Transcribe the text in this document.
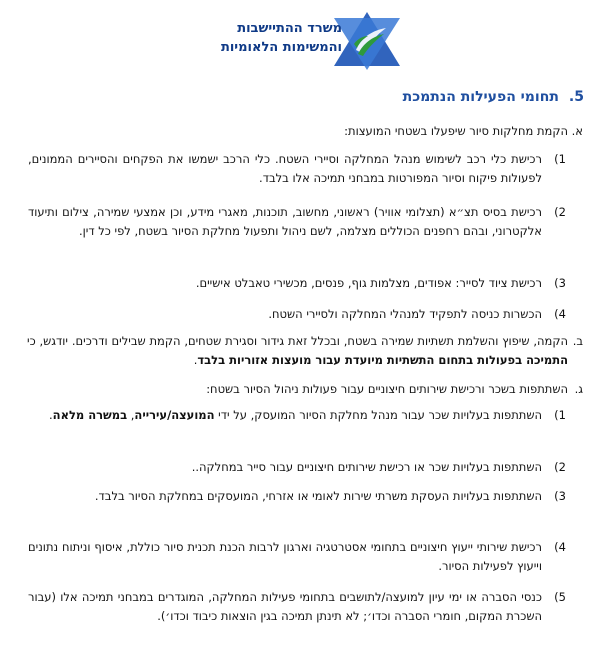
משרד ההתיישבות
והמשימות הלאומיות
5.תחומי הפעילות הנתמכת
א.
הקמת מחלקות סיור שיפעלו בשטחי המועצות:
1)
רכישת כלי רכב לשימוש מנהל המחלקה וסיירי השטח. כלי הרכב ישמשו את הפקחים והסיירים הממונים, לפעולות פיקוח וסיור המפורטות במבחני תמיכה אלו בלבד.
2)
רכישת בסיס תצ״א (תצלומי אוויר) ראשוני, מחשוב, תוכנות, מאגרי מידע, וכן אמצעי שמירה, צילום ותיעוד אלקטרוני, ובהם רחפנים הכוללים מצלמה, לשם ניהול ותפעול מחלקת הסיור בשטח, לפי כל דין.
3)
רכישת ציוד לסייר: אפודים, מצלמות גוף, פנסים, מכשירי טאבלט אישיים.
4)
הכשרות כניסה לתפקיד למנהלי המחלקה ולסיירי השטח.
ב.
הקמה, שיפוץ והשלמת תשתיות שמירה בשטח, ובכלל זאת גידור וסגירת שטחים, הקמת שבילים ודרכים. יודגש, כי התמיכה בפעולות בתחום התשתיות מיועדת עבור מועצות אזוריות בלבד.
ג.
השתתפות בשכר ורכישת שירותים חיצוניים עבור פעולות ניהול הסיור בשטח:
1)
השתתפות בעלויות שכר עבור מנהל מחלקת הסיור המועסק, על ידי המועצה/עירייה, במשרה מלאה.
2)
השתתפות בעלויות שכר או רכישת שירותים חיצוניים עבור סייר במחלקה..
3)
השתתפות בעלויות העסקת משרתי שירות לאומי או אזרחי, המועסקים במחלקת הסיור בלבד.
4)
רכישת שירותי ייעוץ חיצוניים בתחומי אסטרטגיה וארגון לרבות הכנת תכנית סיור כוללת, איסוף וניתוח נתונים וייעוץ לפעילות הסיור.
5)
כנסי הסברה או ימי עיון למועצה/לתושבים בתחומי פעילות המחלקה, המוגדרים במבחני תמיכה אלו (עבור השכרת המקום, חומרי הסברה וכדו׳; לא תינתן תמיכה בגין הוצאות כיבוד וכדו׳).
